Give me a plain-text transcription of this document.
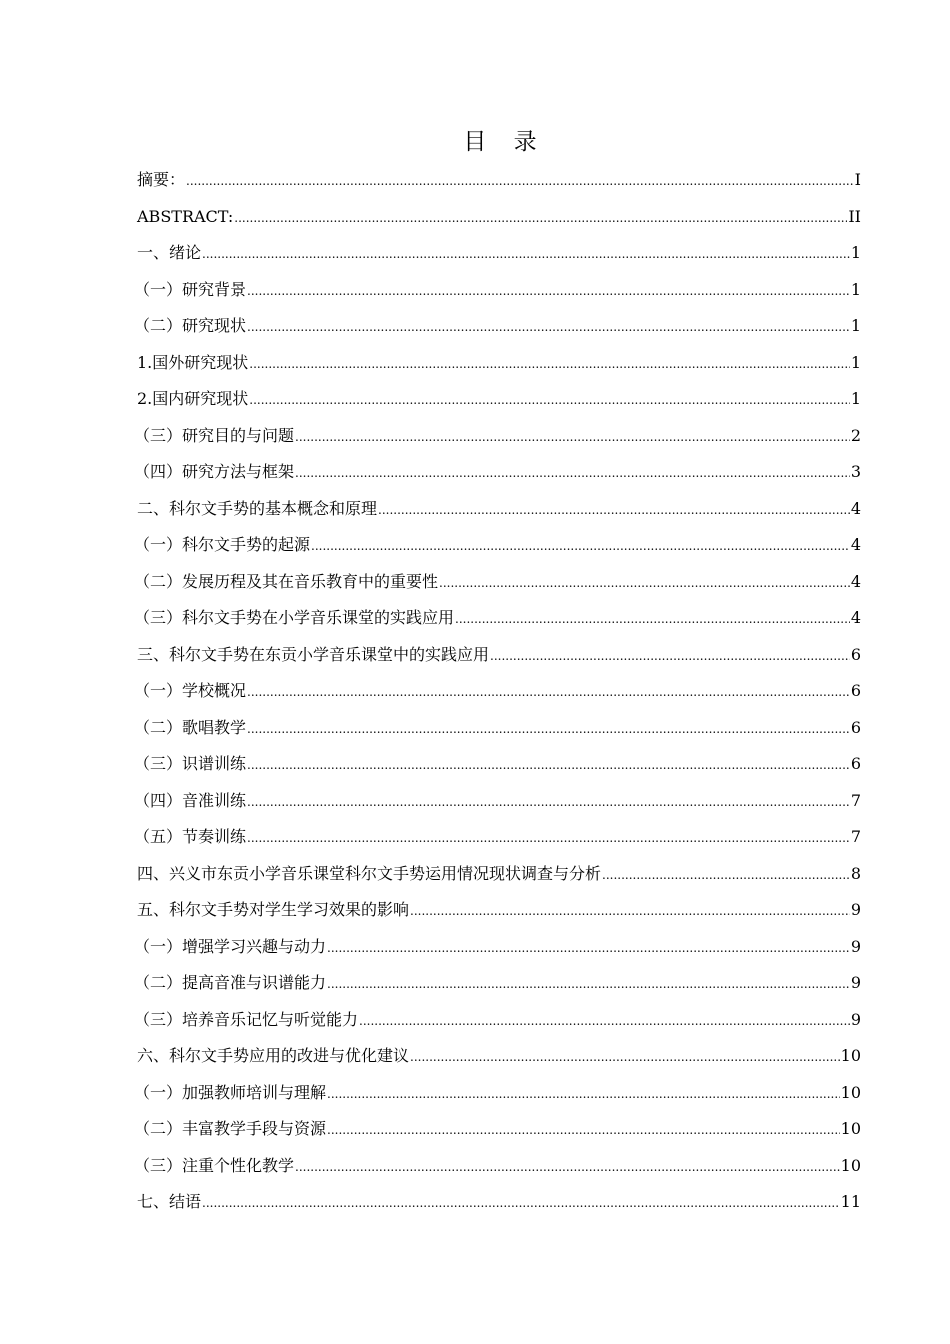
目 录
摘要： .....	I
ABSTRACT: .....	II
一、绪论 .....	1
（一）研究背景 .....	1
（二）研究现状 .....	1
1.国外研究现状 .....	1
2.国内研究现状 .....	1
（三）研究目的与问题 .....	2
（四）研究方法与框架 .....	3
二、科尔文手势的基本概念和原理 .....	4
（一）科尔文手势的起源 .....	4
（二）发展历程及其在音乐教育中的重要性 .....	4
（三）科尔文手势在小学音乐课堂的实践应用 .....	4
三、科尔文手势在东贡小学音乐课堂中的实践应用 .....	6
（一）学校概况 .....	6
（二）歌唱教学 .....	6
（三）识谱训练 .....	6
（四）音准训练 .....	7
（五）节奏训练 .....	7
四、兴义市东贡小学音乐课堂科尔文手势运用情况现状调查与分析 .....	8
五、科尔文手势对学生学习效果的影响 .....	9
（一）增强学习兴趣与动力 .....	9
（二）提高音准与识谱能力 .....	9
（三）培养音乐记忆与听觉能力 .....	9
六、科尔文手势应用的改进与优化建议 .....	10
（一）加强教师培训与理解 .....	10
（二）丰富教学手段与资源 .....	10
（三）注重个性化教学 .....	10
七、结语 .....	11
